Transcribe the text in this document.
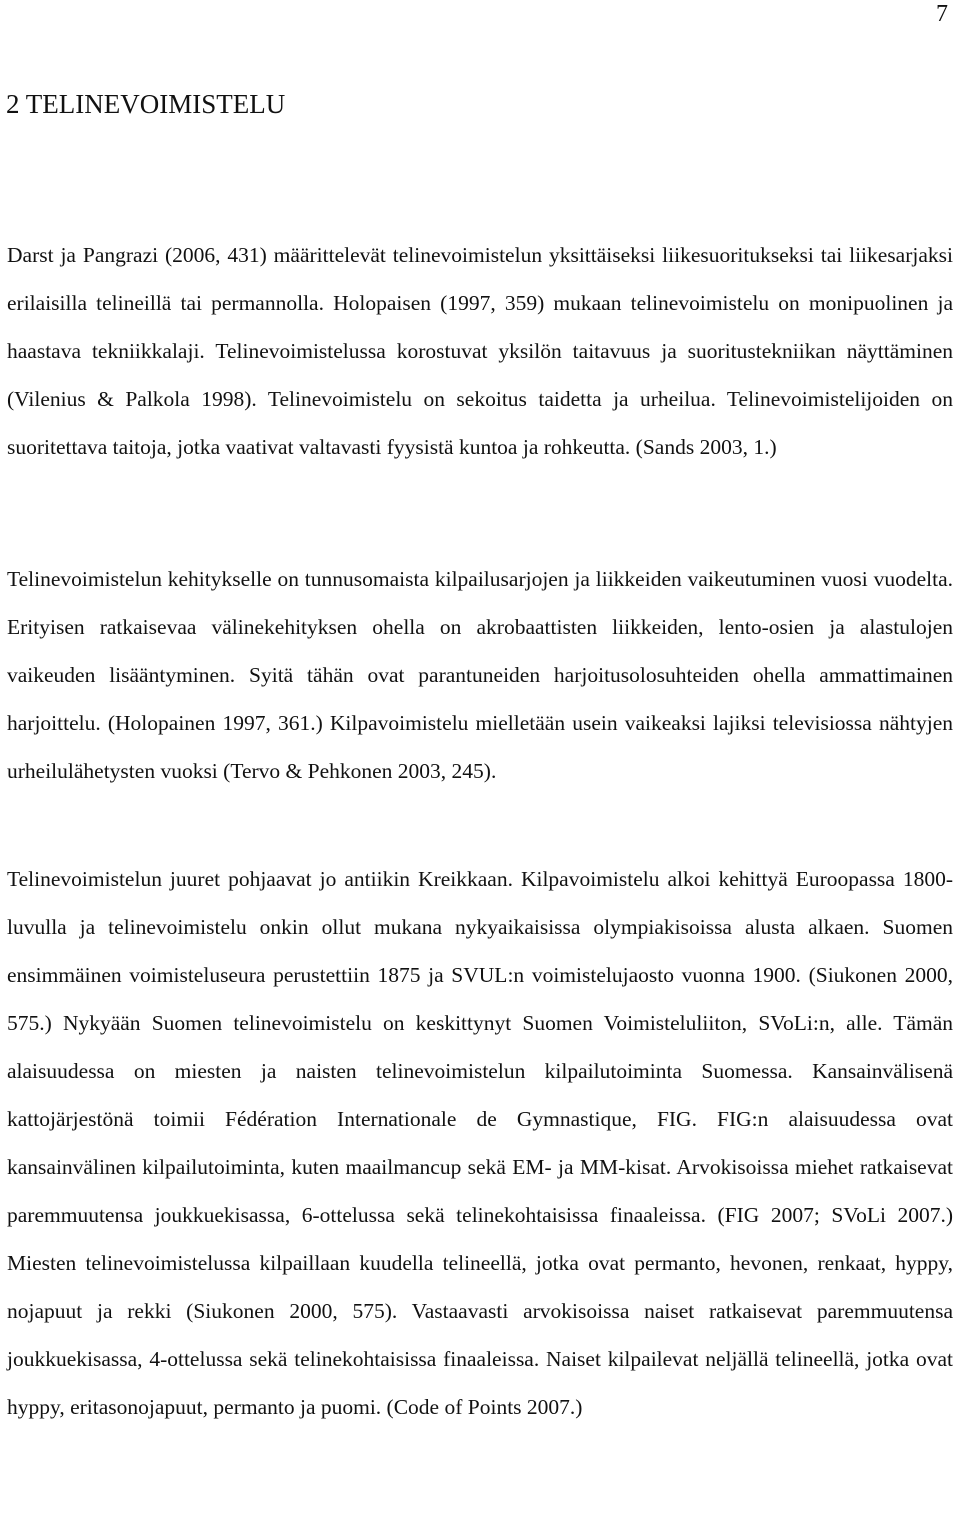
7
2 TELINEVOIMISTELU

Darst ja Pangrazi (2006, 431) määrittelevät telinevoimistelun yksittäiseksi liikesuoritukseksi tai liikesarjaksi erilaisilla telineillä tai permannolla. Holopaisen (1997, 359) mukaan telinevoimistelu on monipuolinen ja haastava tekniikkalaji. Telinevoimistelussa korostuvat yksilön taitavuus ja suoritustekniikan näyttäminen (Vilenius & Palkola 1998). Telinevoimistelu on sekoitus taidetta ja urheilua. Telinevoimistelijoiden on suoritettava taitoja, jotka vaativat valtavasti fyysistä kuntoa ja rohkeutta. (Sands 2003, 1.)

Telinevoimistelun kehitykselle on tunnusomaista kilpailusarjojen ja liikkeiden vaikeutuminen vuosi vuodelta. Erityisen ratkaisevaa välinekehityksen ohella on akrobaattisten liikkeiden, lento-osien ja alastulojen vaikeuden lisääntyminen. Syitä tähän ovat parantuneiden harjoitusolosuhteiden ohella ammattimainen harjoittelu. (Holopainen 1997, 361.) Kilpavoimistelu mielletään usein vaikeaksi lajiksi televisiossa nähtyjen urheilulähetysten vuoksi (Tervo & Pehkonen 2003, 245).

Telinevoimistelun juuret pohjaavat jo antiikin Kreikkaan. Kilpavoimistelu alkoi kehittyä Euroopassa 1800-luvulla ja telinevoimistelu onkin ollut mukana nykyaikaisissa olympiakisoissa alusta alkaen. Suomen ensimmäinen voimisteluseura perustettiin 1875 ja SVUL:n voimistelujaosto vuonna 1900. (Siukonen 2000, 575.) Nykyään Suomen telinevoimistelu on keskittynyt Suomen Voimisteluliiton, SVoLi:n, alle. Tämän alaisuudessa on miesten ja naisten telinevoimistelun kilpailutoiminta Suomessa. Kansainvälisenä kattojärjestönä toimii Fédération Internationale de Gymnastique, FIG. FIG:n alaisuudessa ovat kansainvälinen kilpailutoiminta, kuten maailmancup sekä EM- ja MM-kisat. Arvokisoissa miehet ratkaisevat paremmuutensa joukkuekisassa, 6-ottelussa sekä telinekohtaisissa finaaleissa. (FIG 2007; SVoLi 2007.) Miesten telinevoimistelussa kilpaillaan kuudella telineellä, jotka ovat permanto, hevonen, renkaat, hyppy, nojapuut ja rekki (Siukonen 2000, 575). Vastaavasti arvokisoissa naiset ratkaisevat paremmuutensa joukkuekisassa, 4-ottelussa sekä telinekohtaisissa finaaleissa. Naiset kilpailevat neljällä telineellä, jotka ovat hyppy, eritasonojapuut, permanto ja puomi. (Code of Points 2007.)
